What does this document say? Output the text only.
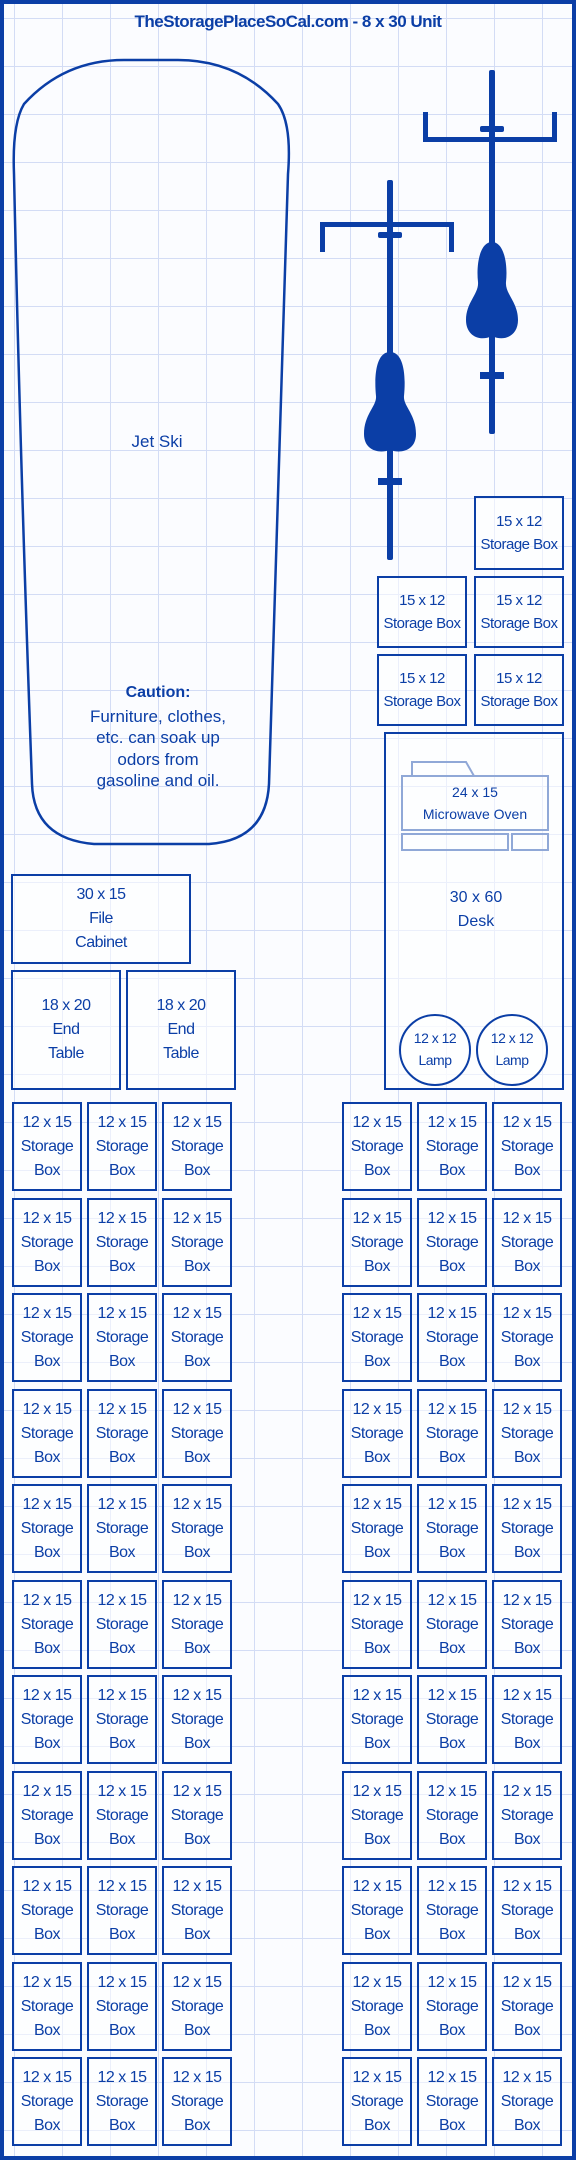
TheStoragePlaceSoCal.com - 8 x 30 Unit
Jet Ski
Caution:
Furniture, clothes,
etc. can soak up
odors from
gasoline and oil.
15 x 12
Storage Box
15 x 12
Storage Box
15 x 12
Storage Box
15 x 12
Storage Box
15 x 12
Storage Box
30 x 60
Desk
24 x 15
Microwave Oven
12 x 12
Lamp
12 x 12
Lamp
30 x 15
File
Cabinet
18 x 20
End
Table
18 x 20
End
Table
12 x 15
Storage
Box
12 x 15
Storage
Box
12 x 15
Storage
Box
12 x 15
Storage
Box
12 x 15
Storage
Box
12 x 15
Storage
Box
12 x 15
Storage
Box
12 x 15
Storage
Box
12 x 15
Storage
Box
12 x 15
Storage
Box
12 x 15
Storage
Box
12 x 15
Storage
Box
12 x 15
Storage
Box
12 x 15
Storage
Box
12 x 15
Storage
Box
12 x 15
Storage
Box
12 x 15
Storage
Box
12 x 15
Storage
Box
12 x 15
Storage
Box
12 x 15
Storage
Box
12 x 15
Storage
Box
12 x 15
Storage
Box
12 x 15
Storage
Box
12 x 15
Storage
Box
12 x 15
Storage
Box
12 x 15
Storage
Box
12 x 15
Storage
Box
12 x 15
Storage
Box
12 x 15
Storage
Box
12 x 15
Storage
Box
12 x 15
Storage
Box
12 x 15
Storage
Box
12 x 15
Storage
Box
12 x 15
Storage
Box
12 x 15
Storage
Box
12 x 15
Storage
Box
12 x 15
Storage
Box
12 x 15
Storage
Box
12 x 15
Storage
Box
12 x 15
Storage
Box
12 x 15
Storage
Box
12 x 15
Storage
Box
12 x 15
Storage
Box
12 x 15
Storage
Box
12 x 15
Storage
Box
12 x 15
Storage
Box
12 x 15
Storage
Box
12 x 15
Storage
Box
12 x 15
Storage
Box
12 x 15
Storage
Box
12 x 15
Storage
Box
12 x 15
Storage
Box
12 x 15
Storage
Box
12 x 15
Storage
Box
12 x 15
Storage
Box
12 x 15
Storage
Box
12 x 15
Storage
Box
12 x 15
Storage
Box
12 x 15
Storage
Box
12 x 15
Storage
Box
12 x 15
Storage
Box
12 x 15
Storage
Box
12 x 15
Storage
Box
12 x 15
Storage
Box
12 x 15
Storage
Box
12 x 15
Storage
Box
